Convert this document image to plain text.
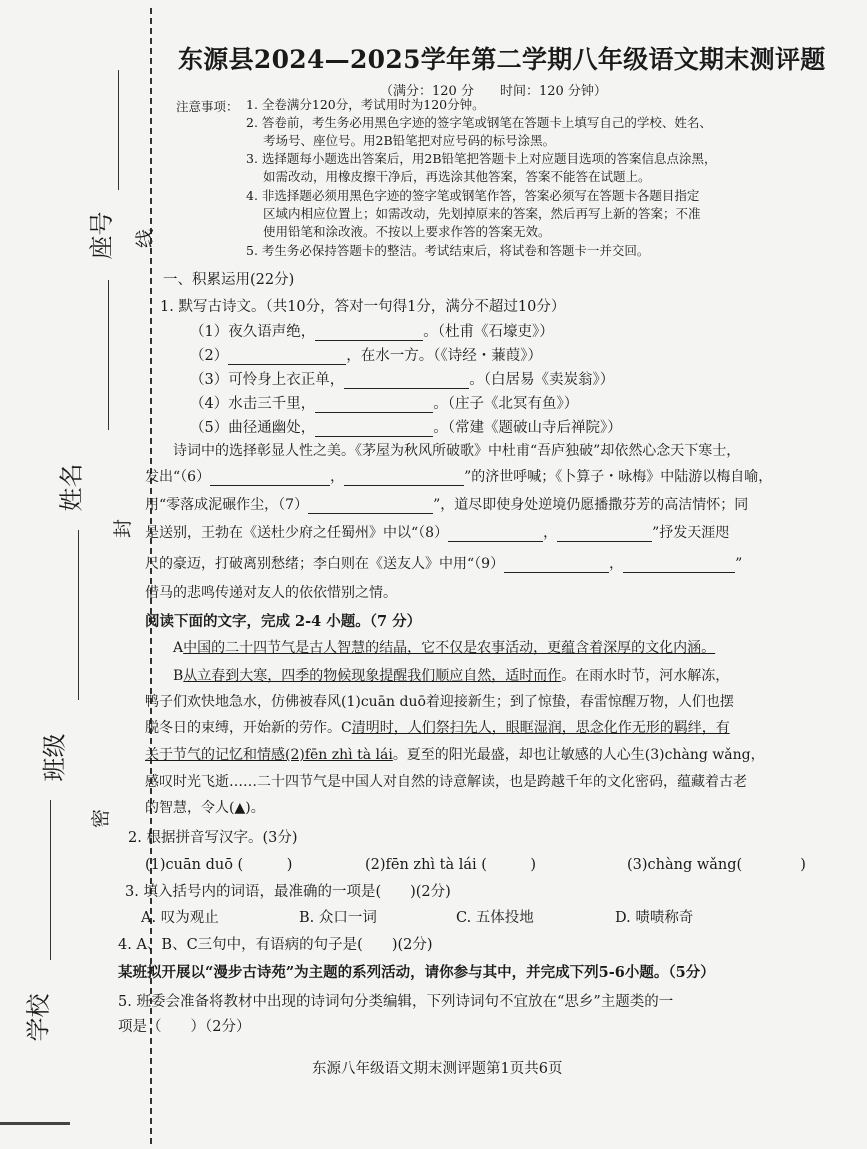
座号
姓名
班级
学校
线
封
密
东源县2024—2025学年第二学期八年级语文期末测评题
（满分：120 分　　时间：120 分钟）
注意事项： 1. 全卷满分120分，考试用时为120分钟。
2. 答卷前，考生务必用黑色字迹的签字笔或钢笔在答题卡上填写自己的学校、姓名、
考场号、座位号。用2B铅笔把对应号码的标号涂黑。
3. 选择题每小题选出答案后，用2B铅笔把答题卡上对应题目选项的答案信息点涂黑，
如需改动，用橡皮擦干净后，再选涂其他答案，答案不能答在试题上。
4. 非选择题必须用黑色字迹的签字笔或钢笔作答，答案必须写在答题卡各题目指定
区域内相应位置上；如需改动，先划掉原来的答案，然后再写上新的答案；不准
使用铅笔和涂改液。不按以上要求作答的答案无效。
5. 考生务必保持答题卡的整洁。考试结束后，将试卷和答题卡一并交回。
一、积累运用(22分)
1. 默写古诗文。（共10分，答对一句得1分，满分不超过10分）
（1）夜久语声绝，	。（杜甫《石壕吏》）
（2）	，在水一方。（《诗经・蒹葭》）
（3）可怜身上衣正单，	。（白居易《卖炭翁》）
（4）水击三千里，	。（庄子《北冥有鱼》）
（5）曲径通幽处，	。（常建《题破山寺后禅院》）
诗词中的选择彰显人性之美。《茅屋为秋风所破歌》中杜甫“吾庐独破”却依然心念天下寒士，
发出“（6）	，	”的济世呼喊；《卜算子・咏梅》中陆游以梅自喻，
用“零落成泥碾作尘，（7）	”，道尽即使身处逆境仍愿播撒芬芳的高洁情怀；同
是送别，王勃在《送杜少府之任蜀州》中以“（8）	，	”抒发天涯咫
尺的豪迈，打破离别愁绪；李白则在《送友人》中用“（9）	，	”
借马的悲鸣传递对友人的依依惜别之情。
阅读下面的文字，完成 2-4 小题。（7 分）
A中国的二十四节气是古人智慧的结晶，它不仅是农事活动，更蕴含着深厚的文化内涵。
B从立春到大寒，四季的物候现象提醒我们顺应自然，适时而作。在雨水时节，河水解冻，
鸭子们欢快地急水，仿佛被春风(1)cuān duō着迎接新生；到了惊蛰，春雷惊醒万物，人们也摆
脱冬日的束缚，开始新的劳作。C清明时，人们祭扫先人，眼眶湿润，思念化作无形的羁绊，有
关于节气的记忆和情感(2)fēn zhì tà lái。夏至的阳光最盛，却也让敏感的人心生(3)chàng wǎng，
感叹时光飞逝……二十四节气是中国人对自然的诗意解读，也是跨越千年的文化密码，蕴藏着古老
的智慧，令人(▲)。
2. 根据拼音写汉字。(3分)
(1)cuān duō (　　　)	(2)fēn zhì tà lái (　　　)	(3)chàng wǎng(　　　　)
3. 填入括号内的词语，最准确的一项是(　　)(2分)
A. 叹为观止	B. 众口一词	C. 五体投地	D. 啧啧称奇
4. A、B、C三句中，有语病的句子是(　　)(2分)
某班拟开展以“漫步古诗苑”为主题的系列活动，请你参与其中，并完成下列5-6小题。（5分）
5. 班委会准备将教材中出现的诗词句分类编辑，下列诗词句不宜放在“思乡”主题类的一
项是（　　）（2分）
东源八年级语文期末测评题第1页共6页
